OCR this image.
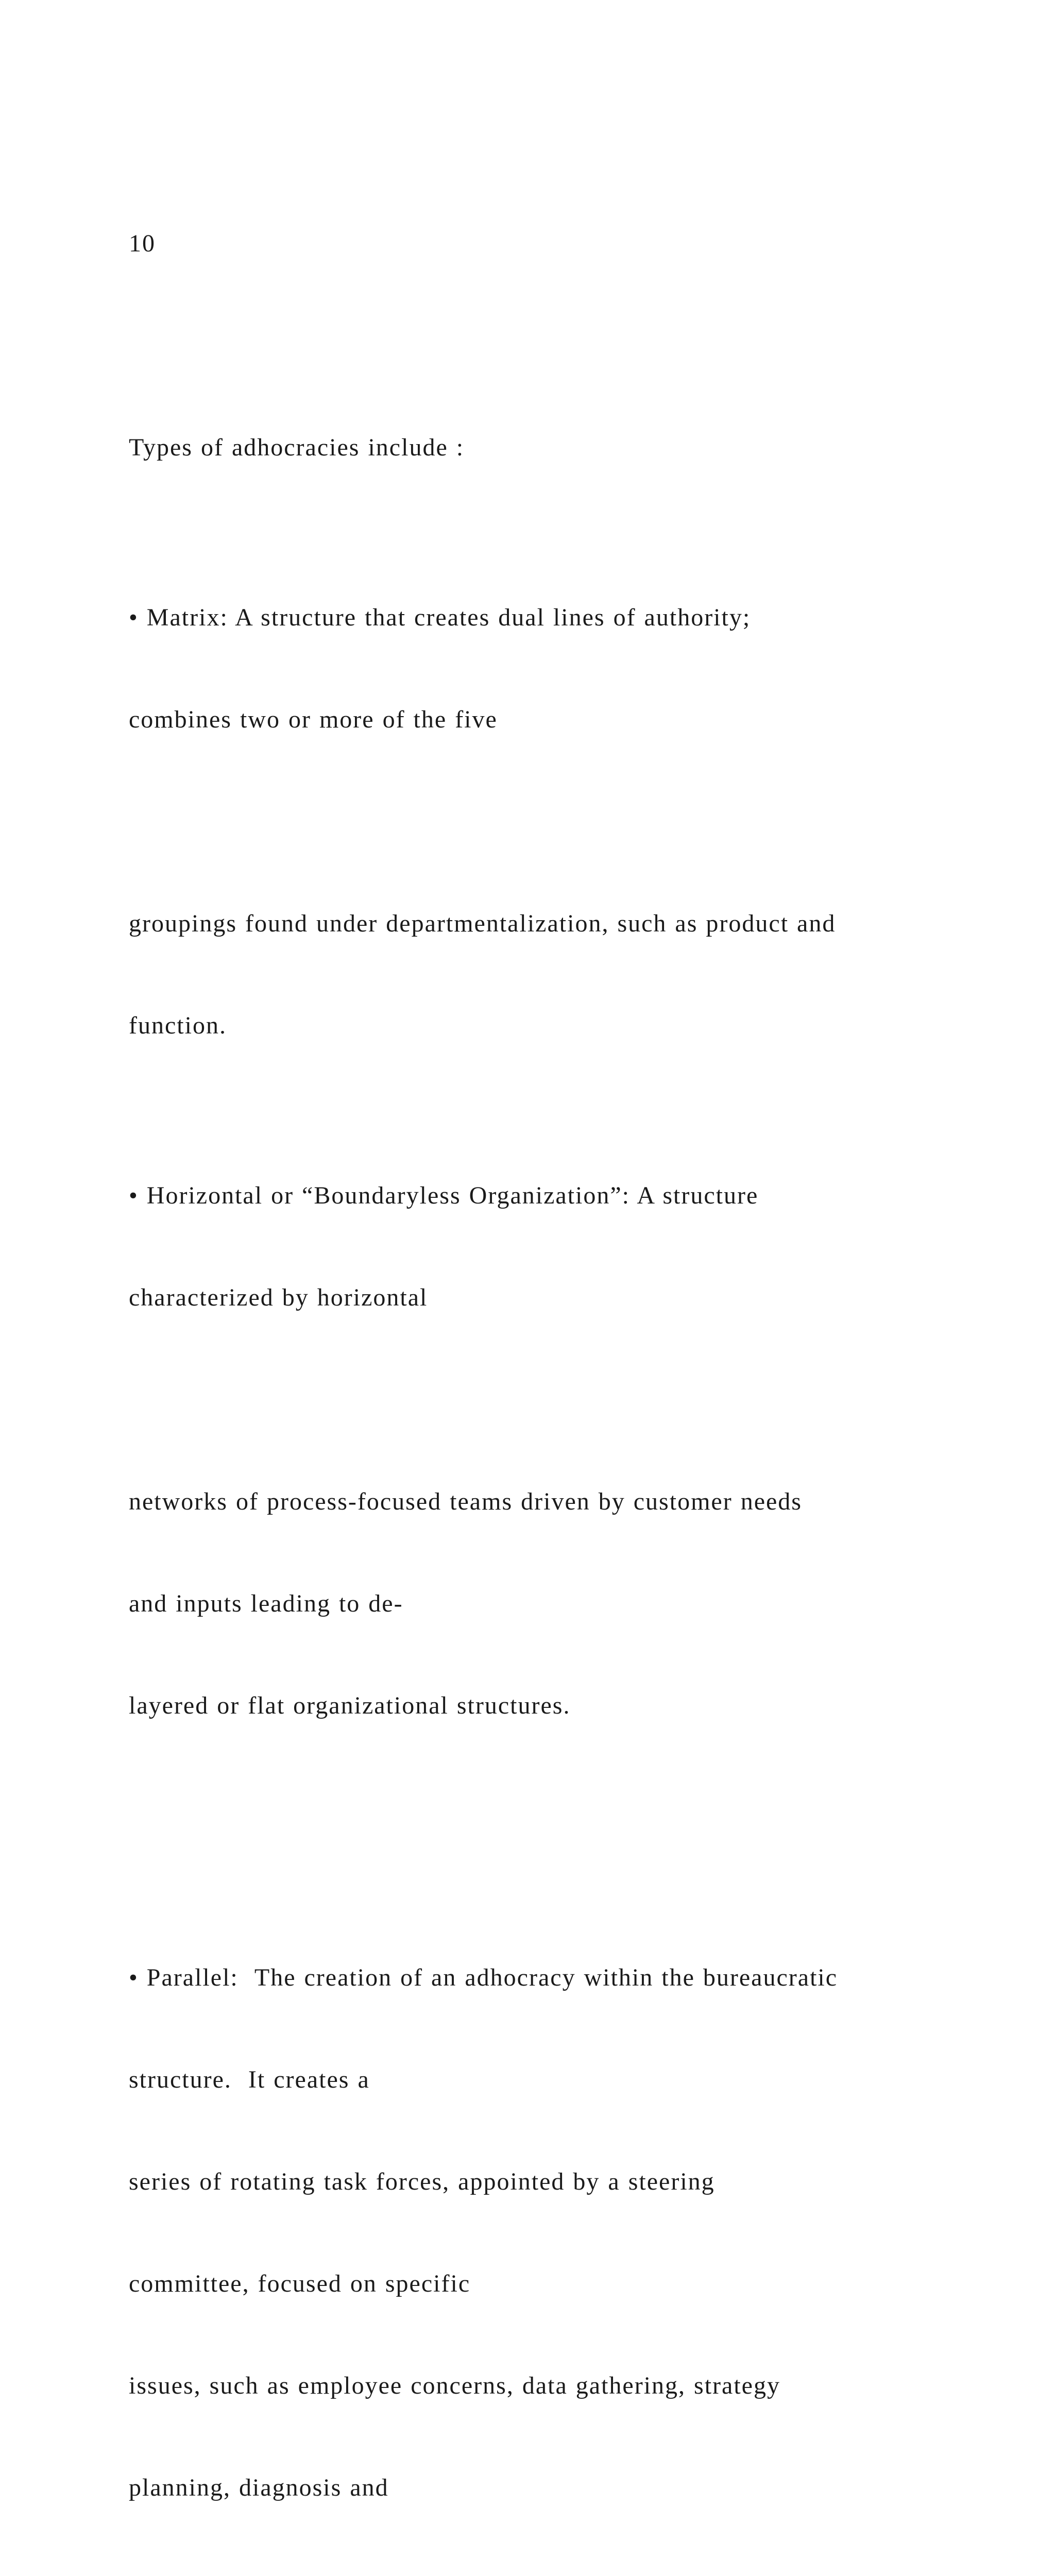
10

Types of adhocracies include :

• Matrix: A structure that creates dual lines of authority;

combines two or more of the five

groupings found under departmentalization, such as product and

function.

• Horizontal or “Boundaryless Organization”: A structure

characterized by horizontal

networks of process-focused teams driven by customer needs

and inputs leading to de-

layered or flat organizational structures.

• Parallel:  The creation of an adhocracy within the bureaucratic

structure.  It creates a

series of rotating task forces, appointed by a steering

committee, focused on specific

issues, such as employee concerns, data gathering, strategy

planning, diagnosis and
